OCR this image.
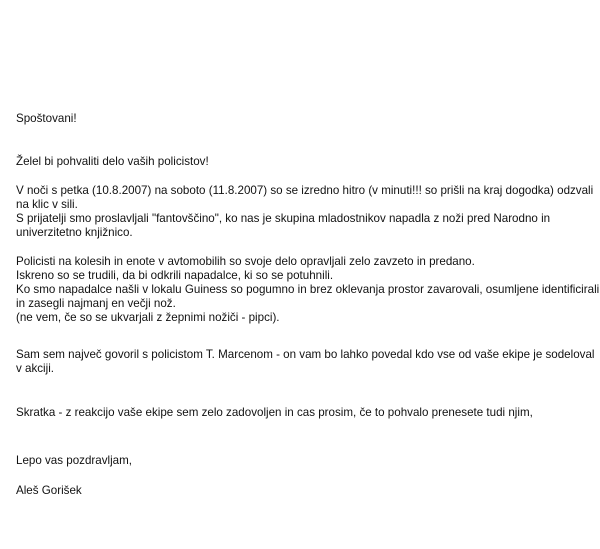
Spoštovani!

Želel bi pohvaliti delo vaših policistov!

V noči s petka (10.8.2007) na soboto (11.8.2007) so se izredno hitro (v minuti!!! so prišli na kraj dogodka) odzvali
na klic v sili.
S prijatelji smo proslavljali "fantovščino", ko nas je skupina mladostnikov napadla z noži pred Narodno in
univerzitetno knjižnico.

Policisti na kolesih in enote v avtomobilih so svoje delo opravljali zelo zavzeto in predano.
Iskreno so se trudili, da bi odkrili napadalce, ki so se potuhnili.
Ko smo napadalce našli v lokalu Guiness so pogumno in brez oklevanja prostor zavarovali, osumljene identificirali
in zasegli najmanj en večji nož.
(ne vem, če so se ukvarjali z žepnimi nožiči - pipci).

Sam sem največ govoril s policistom T. Marcenom - on vam bo lahko povedal kdo vse od vaše ekipe je sodeloval
v akciji.

Skratka - z reakcijo vaše ekipe sem zelo zadovoljen in cas prosim, če to pohvalo prenesete tudi njim,

Lepo vas pozdravljam,

Aleš Gorišek
